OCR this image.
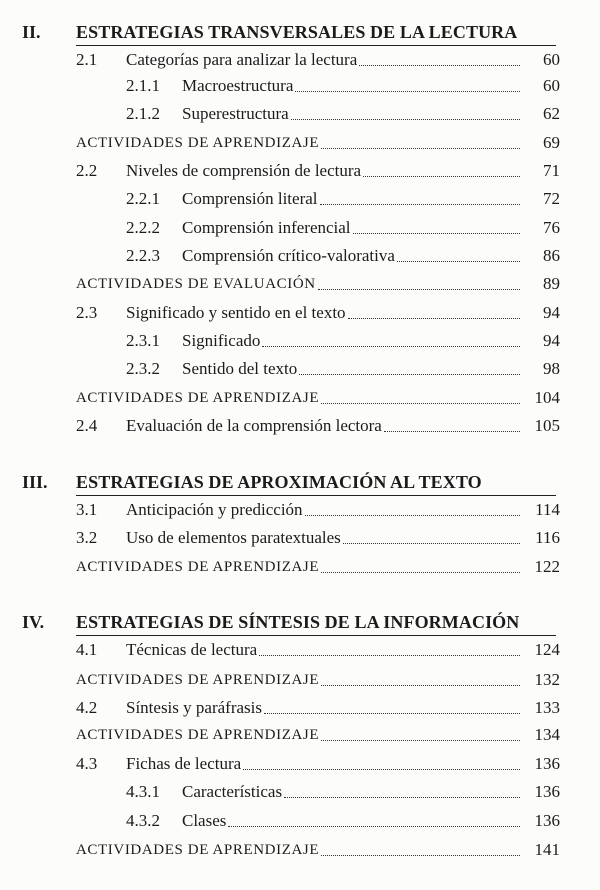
II. ESTRATEGIAS TRANSVERSALES DE LA LECTURA
2.1	Categorías para analizar la lectura	60
2.1.1	Macroestructura	60
2.1.2	Superestructura	62
ACTIVIDADES DE APRENDIZAJE	69
2.2	Niveles de comprensión de lectura	71
2.2.1	Comprensión literal	72
2.2.2	Comprensión inferencial	76
2.2.3	Comprensión crítico-valorativa	86
ACTIVIDADES DE EVALUACIÓN	89
2.3	Significado y sentido en el texto	94
2.3.1	Significado	94
2.3.2	Sentido del texto	98
ACTIVIDADES DE APRENDIZAJE	104
2.4	Evaluación de la comprensión lectora	105
III. ESTRATEGIAS DE APROXIMACIÓN AL TEXTO
3.1	Anticipación y predicción	114
3.2	Uso de elementos paratextuales	116
ACTIVIDADES DE APRENDIZAJE	122
IV. ESTRATEGIAS DE SÍNTESIS DE LA INFORMACIÓN
4.1	Técnicas de lectura	124
ACTIVIDADES DE APRENDIZAJE	132
4.2	Síntesis y paráfrasis	133
ACTIVIDADES DE APRENDIZAJE	134
4.3	Fichas de lectura	136
4.3.1	Características	136
4.3.2	Clases	136
ACTIVIDADES DE APRENDIZAJE	141
